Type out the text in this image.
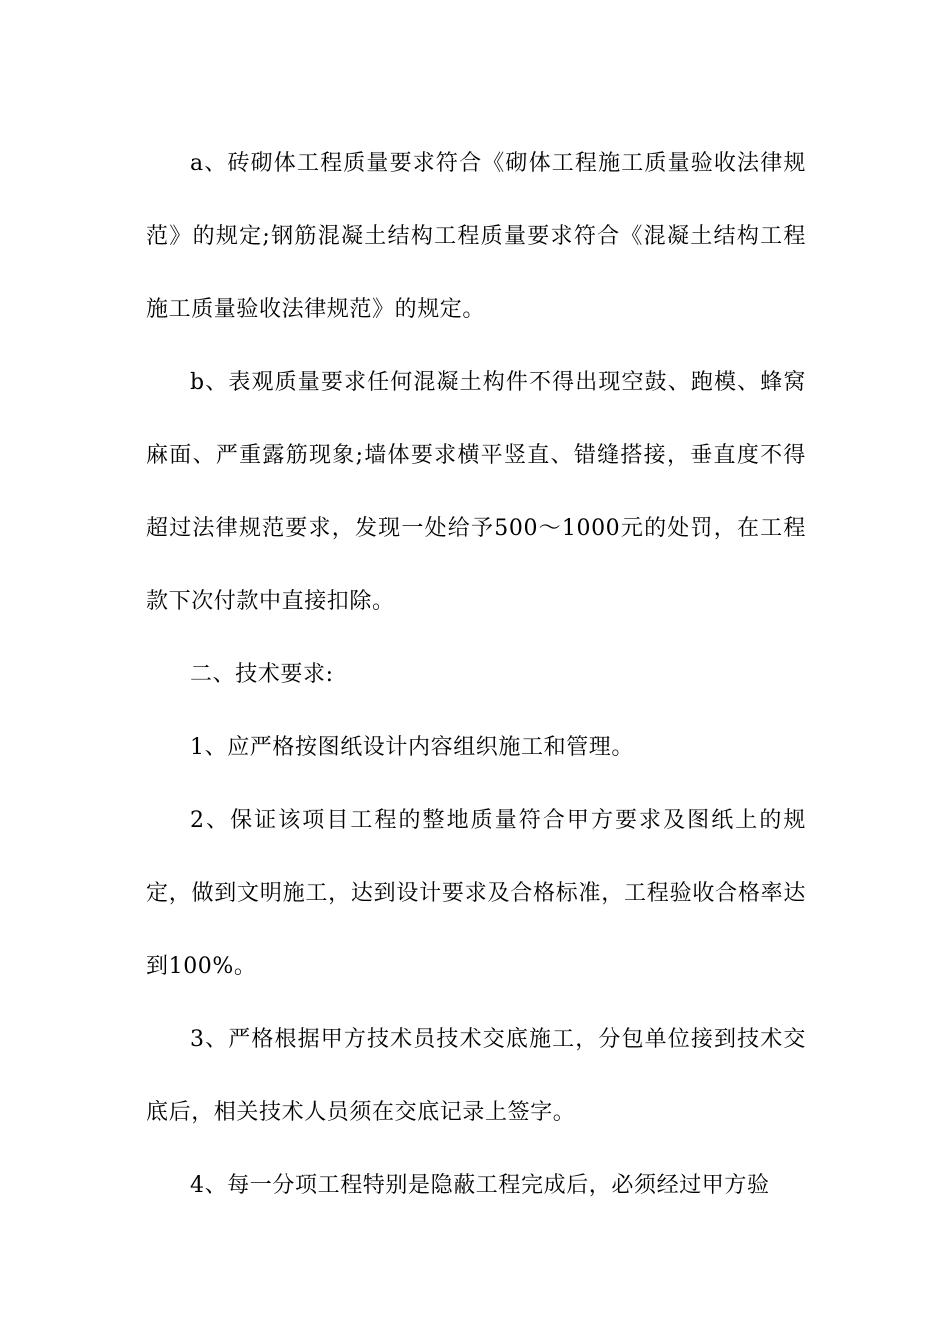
a、砖砌体工程质量要求符合《砌体工程施工质量验收法律规范》的规定;钢筋混凝土结构工程质量要求符合《混凝土结构工程施工质量验收法律规范》的规定。

b、表观质量要求任何混凝土构件不得出现空鼓、跑模、蜂窝麻面、严重露筋现象;墙体要求横平竖直、错缝搭接，垂直度不得超过法律规范要求，发现一处给予500～1000元的处罚，在工程款下次付款中直接扣除。

二、技术要求:

1、应严格按图纸设计内容组织施工和管理。

2、保证该项目工程的整地质量符合甲方要求及图纸上的规定，做到文明施工，达到设计要求及合格标准，工程验收合格率达到100%。

3、严格根据甲方技术员技术交底施工，分包单位接到技术交底后，相关技术人员须在交底记录上签字。

4、每一分项工程特别是隐蔽工程完成后，必须经过甲方验
